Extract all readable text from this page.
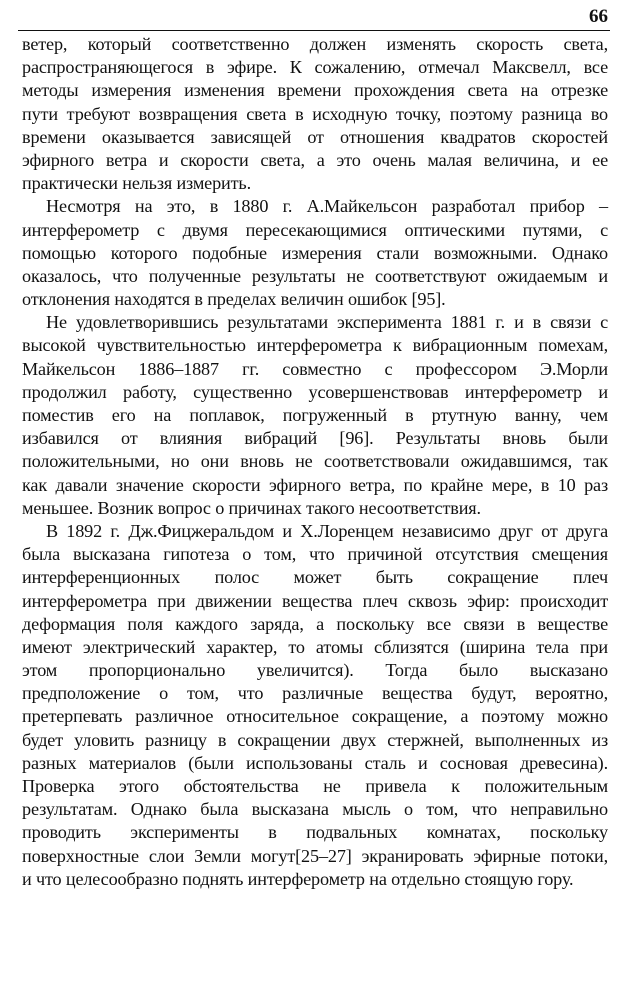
66
ветер, который соответственно должен изменять скорость света,
распространяющегося в эфире. К сожалению, отмечал Максвелл, все
методы измерения изменения времени прохождения света на отрезке
пути требуют возвращения света в исходную точку, поэтому разница во
времени оказывается зависящей от отношения квадратов скоростей
эфирного ветра и скорости света, а это очень малая величина, и ее
практически нельзя измерить.
Несмотря на это, в 1880 г. А.Майкельсон разработал прибор –
интерферометр с двумя пересекающимися оптическими путями, с
помощью которого подобные измерения стали возможными. Однако
оказалось, что полученные результаты не соответствуют ожидаемым и
отклонения находятся в пределах величин ошибок [95].
Не удовлетворившись результатами эксперимента 1881 г. и в связи с
высокой чувствительностью интерферометра к вибрационным помехам,
Майкельсон 1886–1887 гг. совместно с профессором Э.Морли
продолжил работу, существенно усовершенствовав интерферометр и
поместив его на поплавок, погруженный в ртутную ванну, чем
избавился от влияния вибраций [96]. Результаты вновь были
положительными, но они вновь не соответствовали ожидавшимся, так
как давали значение скорости эфирного ветра, по крайне мере, в 10 раз
меньшее. Возник вопрос о причинах такого несоответствия.
В 1892 г. Дж.Фицжеральдом и Х.Лоренцем независимо друг от друга
была высказана гипотеза о том, что причиной отсутствия смещения
интерференционных полос может быть сокращение плеч
интерферометра при движении вещества плеч сквозь эфир: происходит
деформация поля каждого заряда, а поскольку все связи в веществе
имеют электрический характер, то атомы сблизятся (ширина тела при
этом пропорционально увеличится). Тогда было высказано
предположение о том, что различные вещества будут, вероятно,
претерпевать различное относительное сокращение, а поэтому можно
будет уловить разницу в сокращении двух стержней, выполненных из
разных материалов (были использованы сталь и сосновая древесина).
Проверка этого обстоятельства не привела к положительным
результатам. Однако была высказана мысль о том, что неправильно
проводить эксперименты в подвальных комнатах, поскольку
поверхностные слои Земли могут[25–27] экранировать эфирные потоки,
и что целесообразно поднять интерферометр на отдельно стоящую гору.
